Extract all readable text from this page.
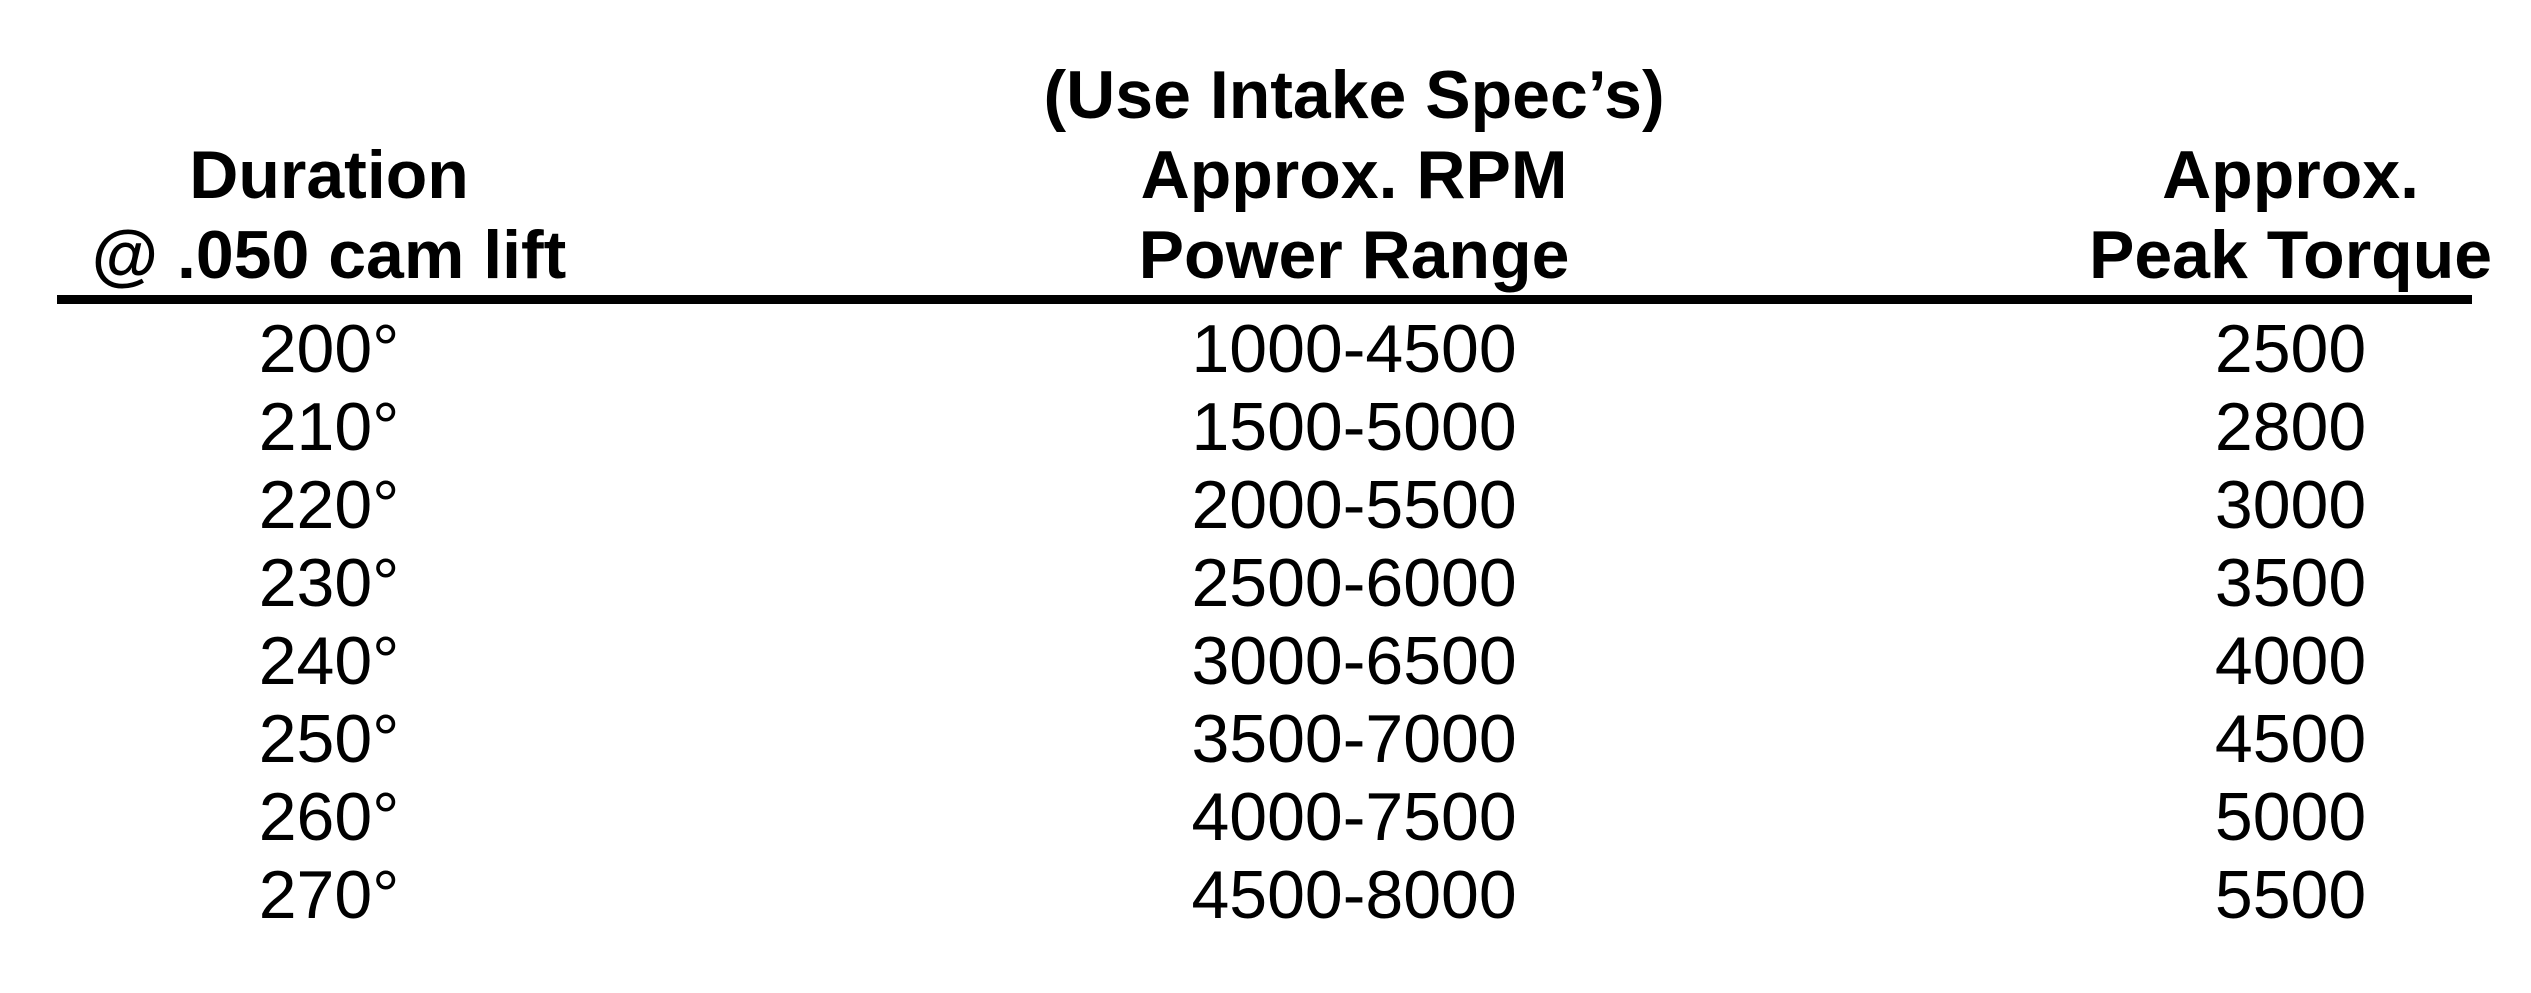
(Use Intake Spec’s)
Duration	Approx. RPM	Approx.
@ .050 cam lift	Power Range	Peak Torque
200°	1000-4500	2500
210°	1500-5000	2800
220°	2000-5500	3000
230°	2500-6000	3500
240°	3000-6500	4000
250°	3500-7000	4500
260°	4000-7500	5000
270°	4500-8000	5500
